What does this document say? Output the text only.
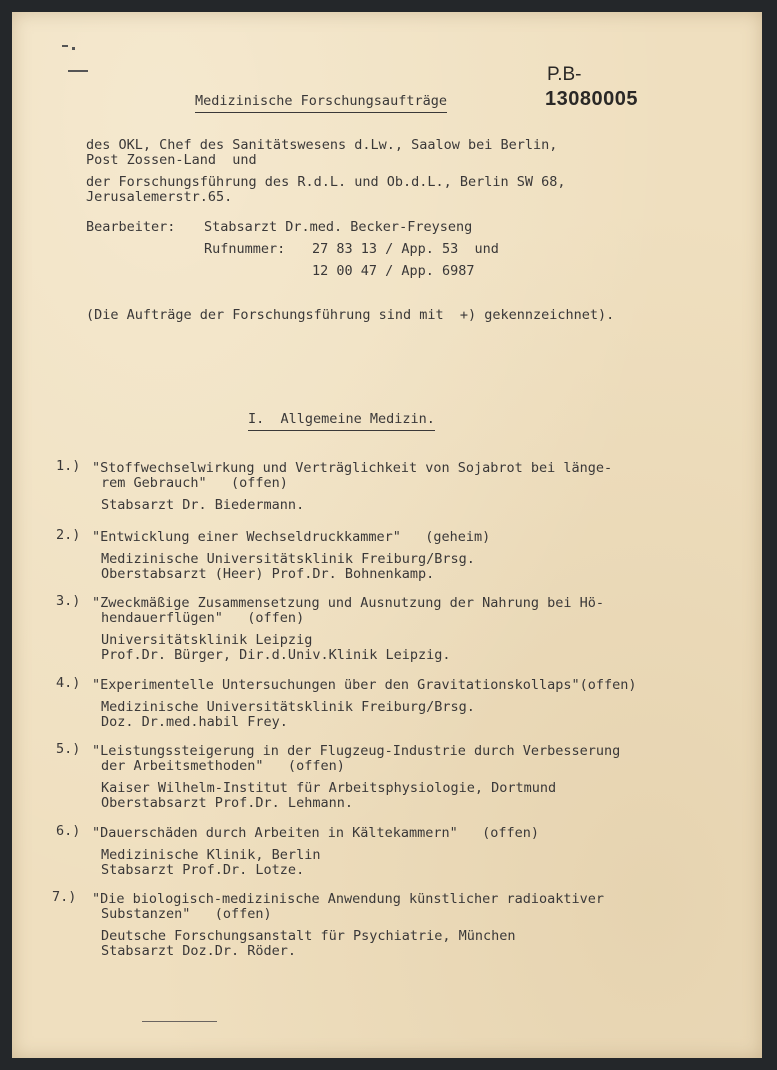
P.B-
13080005
Medizinische Forschungsaufträge
des OKL, Chef des Sanitätswesens d.Lw., Saalow bei Berlin,
Post Zossen-Land  und
der Forschungsführung des R.d.L. und Ob.d.L., Berlin SW 68,
Jerusalemerstr.65.
Bearbeiter: Stabsarzt Dr.med. Becker-Freyseng
Rufnummer: 27 83 13 / App. 53  und
12 00 47 / App. 6987
(Die Aufträge der Forschungsführung sind mit  +) gekennzeichnet).
I.  Allgemeine Medizin.
1.) "Stoffwechselwirkung und Verträglichkeit von Sojabrot bei länge-
rem Gebrauch"   (offen)
Stabsarzt Dr. Biedermann.
2.) "Entwicklung einer Wechseldruckkammer"   (geheim)
Medizinische Universitätsklinik Freiburg/Brsg.
Oberstabsarzt (Heer) Prof.Dr. Bohnenkamp.
3.) "Zweckmäßige Zusammensetzung und Ausnutzung der Nahrung bei Hö-
hendauerflügen"   (offen)
Universitätsklinik Leipzig
Prof.Dr. Bürger, Dir.d.Univ.Klinik Leipzig.
4.) "Experimentelle Untersuchungen über den Gravitationskollaps"(offen)
Medizinische Universitätsklinik Freiburg/Brsg.
Doz. Dr.med.habil Frey.
5.) "Leistungssteigerung in der Flugzeug-Industrie durch Verbesserung
der Arbeitsmethoden"   (offen)
Kaiser Wilhelm-Institut für Arbeitsphysiologie, Dortmund
Oberstabsarzt Prof.Dr. Lehmann.
6.) "Dauerschäden durch Arbeiten in Kältekammern"   (offen)
Medizinische Klinik, Berlin
Stabsarzt Prof.Dr. Lotze.
7.) "Die biologisch-medizinische Anwendung künstlicher radioaktiver
Substanzen"   (offen)
Deutsche Forschungsanstalt für Psychiatrie, München
Stabsarzt Doz.Dr. Röder.
